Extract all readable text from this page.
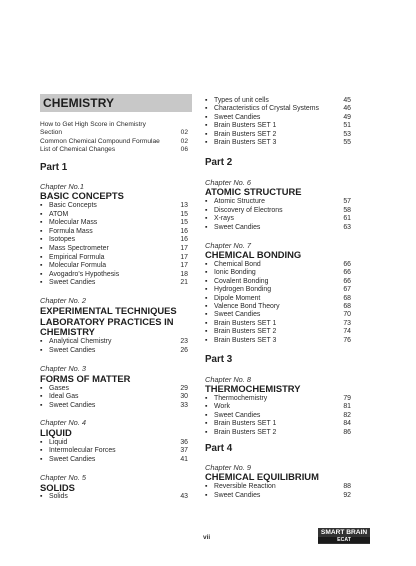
CHEMISTRY
How to Get High Score in Chemistry
Section	02
Common Chemical Compound Formulae	02
List of Chemical Changes	06
Part 1
Chapter No.1
BASIC CONCEPTS
▪ Basic Concepts	13
▪ ATOM	15
▪ Molecular Mass	15
▪ Formula Mass	16
▪ Isotopes	16
▪ Mass Spectrometer	17
▪ Empirical Formula	17
▪ Molecular Formula	17
▪ Avogadro's Hypothesis	18
▪ Sweet Candies	21
Chapter No. 2
EXPERIMENTAL TECHNIQUES LABORATORY PRACTICES IN CHEMISTRY
▪ Analytical Chemistry	23
▪ Sweet Candies	26
Chapter No. 3
FORMS OF MATTER
▪ Gases	29
▪ Ideal Gas	30
▪ Sweet Candies	33
Chapter No. 4
LIQUID
▪ Liquid	36
▪ Intermolecular Forces	37
▪ Sweet Candies	41
Chapter No. 5
SOLIDS
▪ Solids	43
▪ Types of unit cells	45
▪ Characteristics of Crystal Systems	46
▪ Sweet Candies	49
▪ Brain Busters SET 1	51
▪ Brain Busters SET 2	53
▪ Brain Busters SET 3	55
Part 2
Chapter No. 6
ATOMIC STRUCTURE
▪ Atomic Structure	57
▪ Discovery of Electrons	58
▪ X-rays	61
▪ Sweet Candies	63
Chapter No. 7
CHEMICAL BONDING
▪ Chemical Bond	66
▪ Ionic Bonding	66
▪ Covalent Bonding	66
▪ Hydrogen Bonding	67
▪ Dipole Moment	68
▪ Valence Bond Theory	68
▪ Sweet Candies	70
▪ Brain Busters SET 1	73
▪ Brain Busters SET 2	74
▪ Brain Busters SET 3	76
Part 3
Chapter No. 8
THERMOCHEMISTRY
▪ Thermochemistry	79
▪ Work	81
▪ Sweet Candies	82
▪ Brain Busters SET 1	84
▪ Brain Busters SET 2	86
Part 4
Chapter No. 9
CHEMICAL EQUILIBRIUM
▪ Reversible Reaction	88
▪ Sweet Candies	92
vii
SMART BRAIN
ECAT
